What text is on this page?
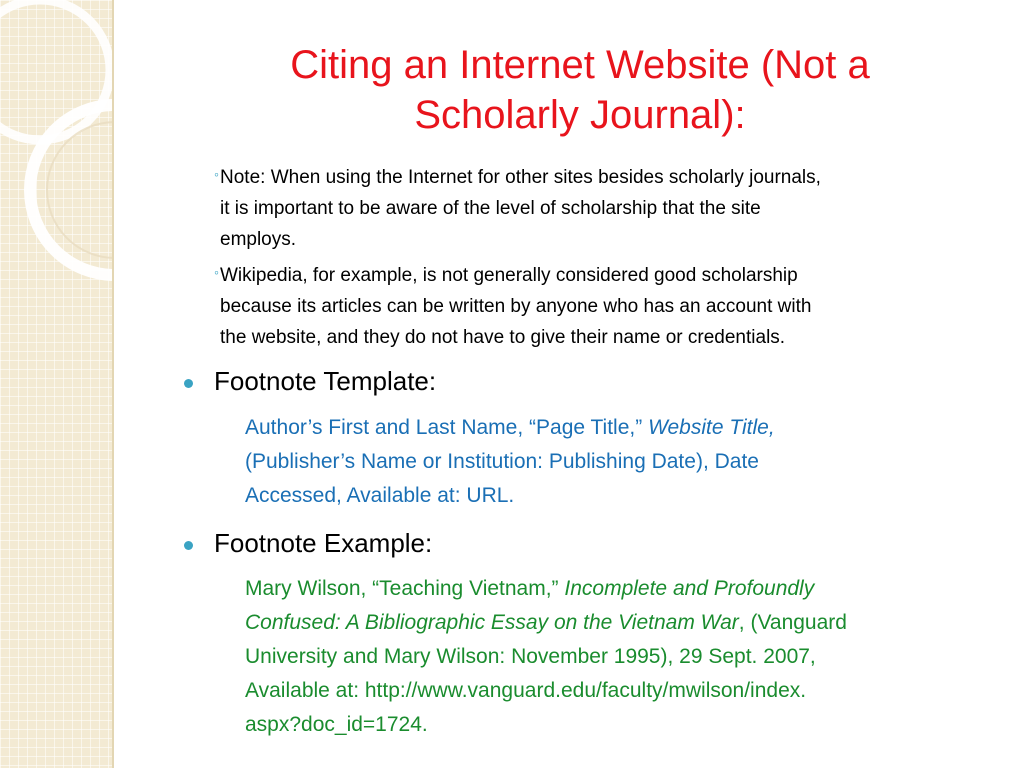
Citing an Internet Website (Not a
Scholarly Journal):
◦ Note: When using the Internet for other sites besides scholarly journals,
it is important to be aware of the level of scholarship that the site
employs.

◦ Wikipedia, for example, is not generally considered good scholarship
because its articles can be written by anyone who has an account with
the website, and they do not have to give their name or credentials.

Footnote Template:

Author’s First and Last Name, “Page Title,” Website Title,
(Publisher’s Name or Institution: Publishing Date), Date
Accessed, Available at: URL.

Footnote Example:

Mary Wilson, “Teaching Vietnam,” Incomplete and Profoundly
Confused: A Bibliographic Essay on the Vietnam War, (Vanguard
University and Mary Wilson: November 1995), 29 Sept. 2007,
Available at: http://www.vanguard.edu/faculty/mwilson/index.
aspx?doc_id=1724.
